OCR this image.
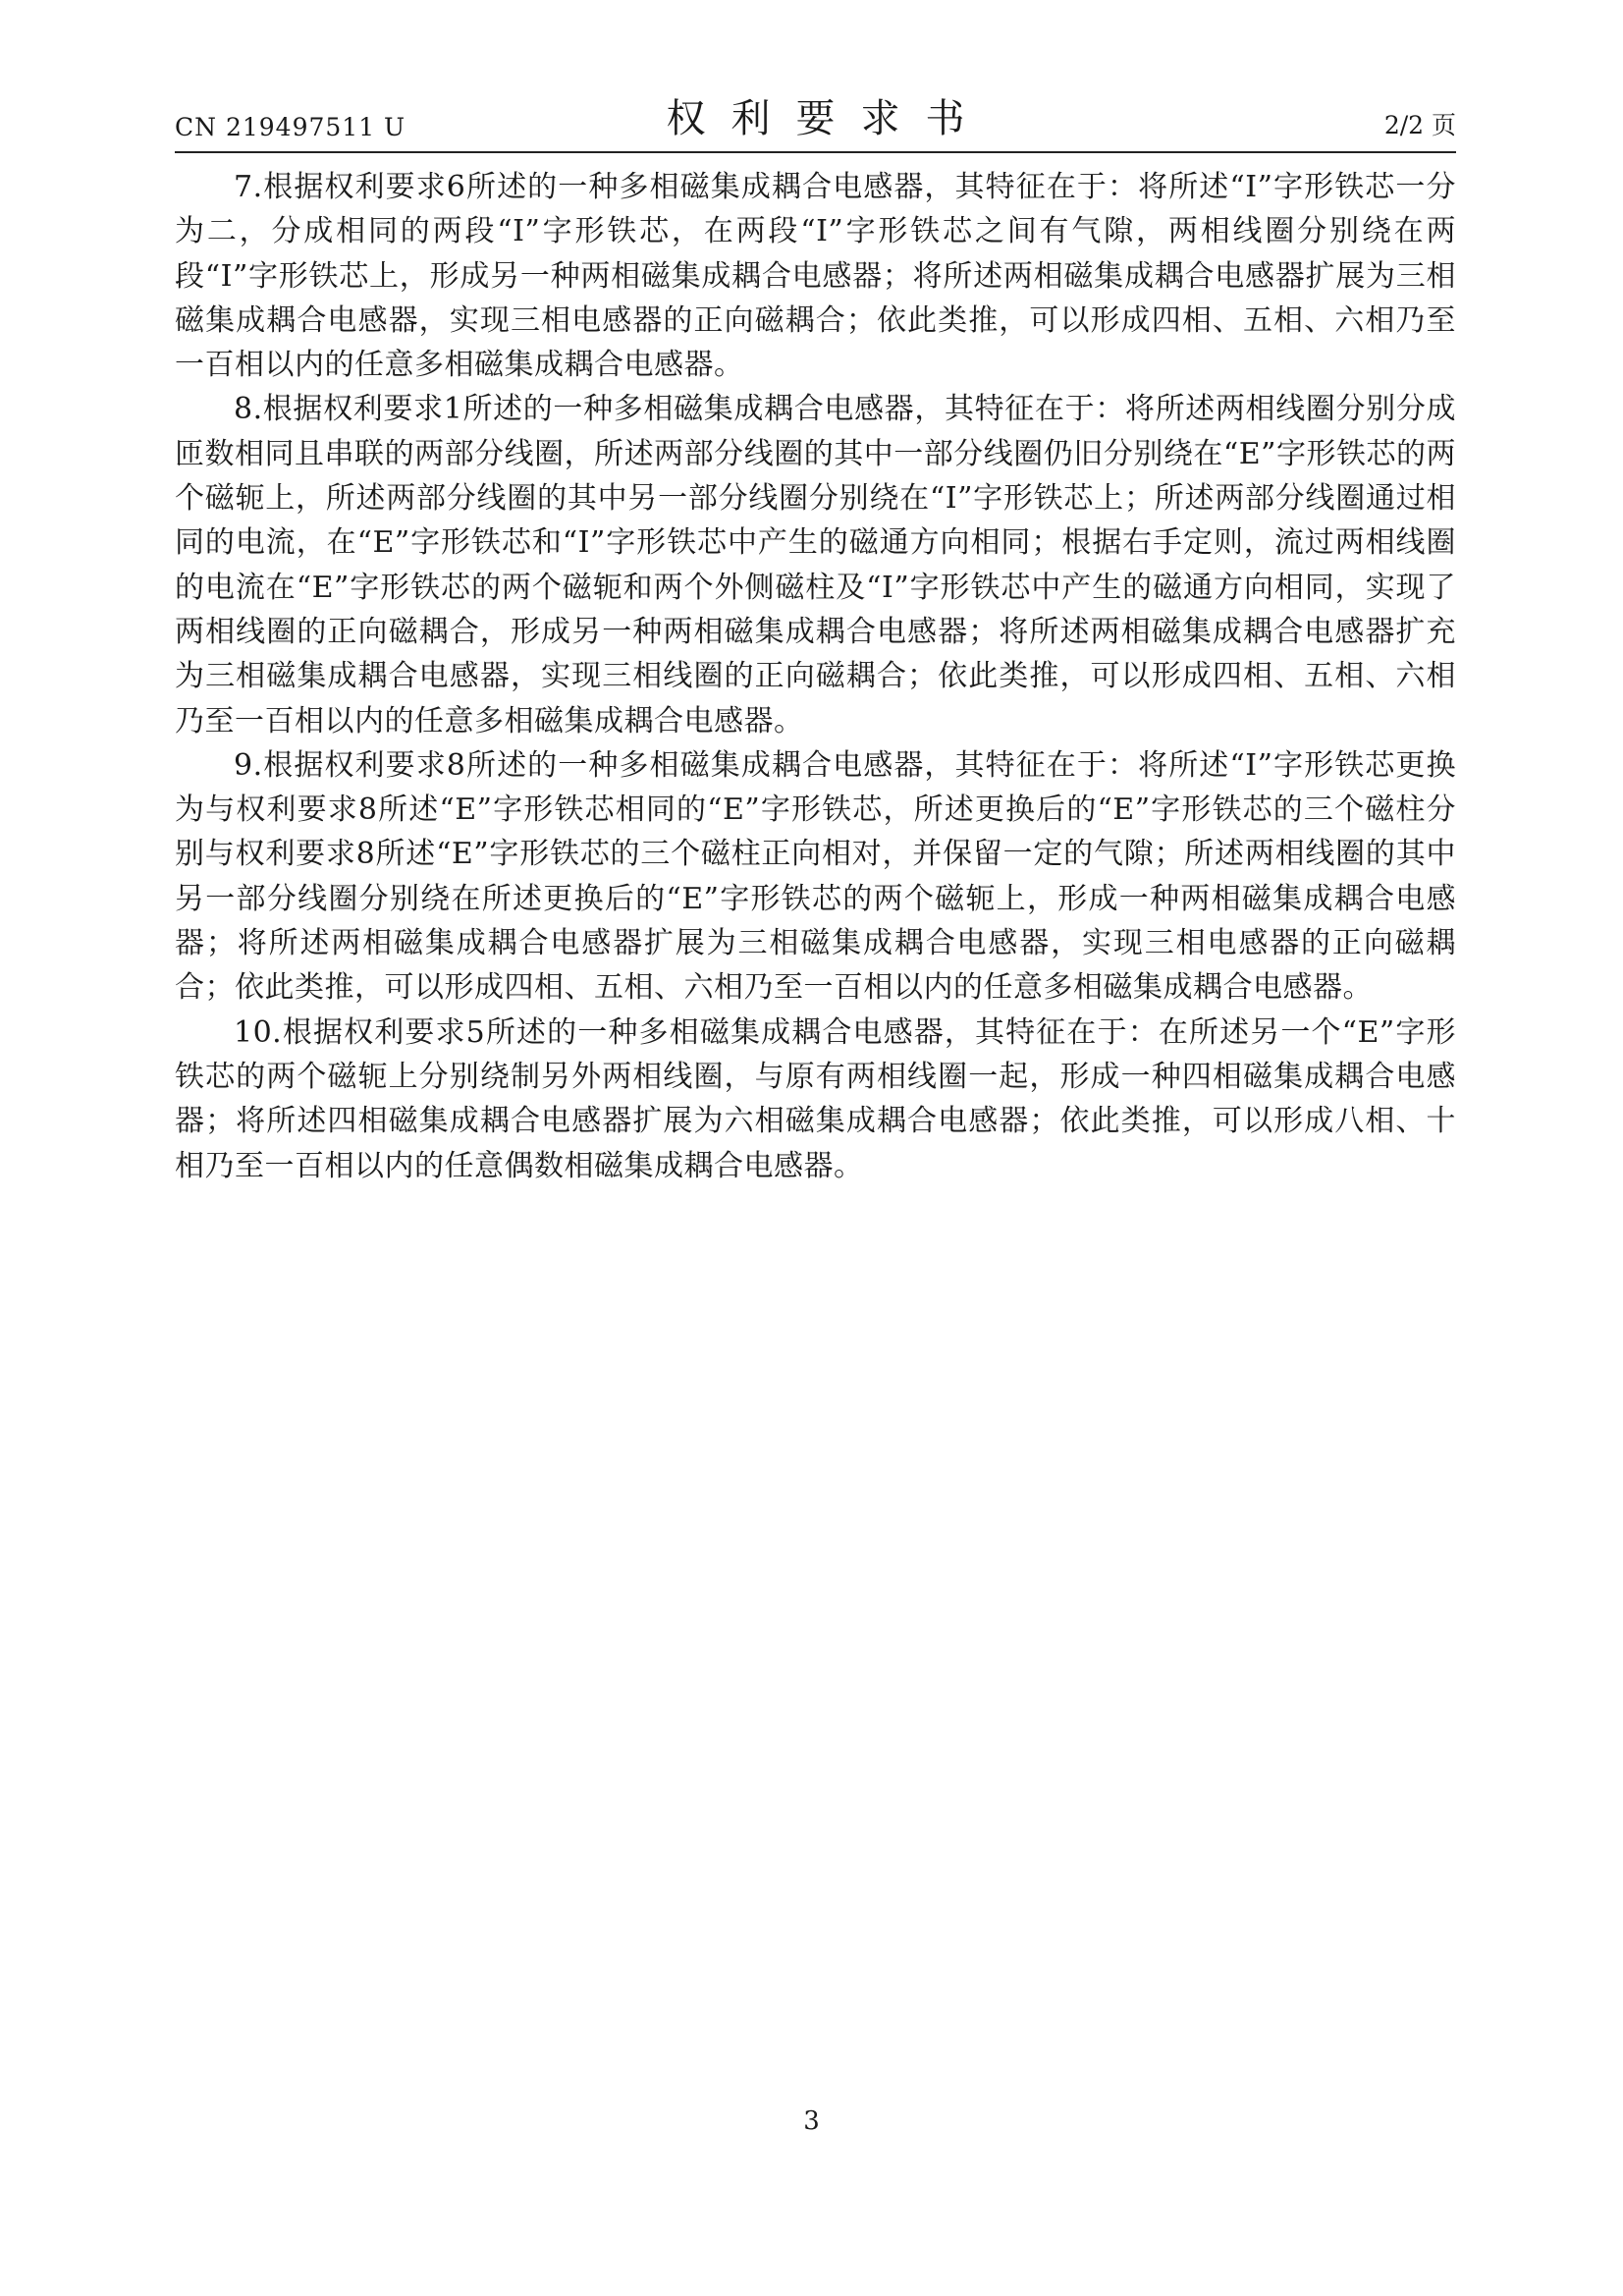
CN 219497511 U	权利要求书	2/2 页

7.根据权利要求6所述的一种多相磁集成耦合电感器，其特征在于：将所述“I”字形铁芯一分为二，分成相同的两段“I”字形铁芯，在两段“I”字形铁芯之间有气隙，两相线圈分别绕在两段“I”字形铁芯上，形成另一种两相磁集成耦合电感器；将所述两相磁集成耦合电感器扩展为三相磁集成耦合电感器，实现三相电感器的正向磁耦合；依此类推，可以形成四相、五相、六相乃至一百相以内的任意多相磁集成耦合电感器。

8.根据权利要求1所述的一种多相磁集成耦合电感器，其特征在于：将所述两相线圈分别分成匝数相同且串联的两部分线圈，所述两部分线圈的其中一部分线圈仍旧分别绕在“E”字形铁芯的两个磁轭上，所述两部分线圈的其中另一部分线圈分别绕在“I”字形铁芯上；所述两部分线圈通过相同的电流，在“E”字形铁芯和“I”字形铁芯中产生的磁通方向相同；根据右手定则，流过两相线圈的电流在“E”字形铁芯的两个磁轭和两个外侧磁柱及“I”字形铁芯中产生的磁通方向相同，实现了两相线圈的正向磁耦合，形成另一种两相磁集成耦合电感器；将所述两相磁集成耦合电感器扩充为三相磁集成耦合电感器，实现三相线圈的正向磁耦合；依此类推，可以形成四相、五相、六相乃至一百相以内的任意多相磁集成耦合电感器。

9.根据权利要求8所述的一种多相磁集成耦合电感器，其特征在于：将所述“I”字形铁芯更换为与权利要求8所述“E”字形铁芯相同的“E”字形铁芯，所述更换后的“E”字形铁芯的三个磁柱分别与权利要求8所述“E”字形铁芯的三个磁柱正向相对，并保留一定的气隙；所述两相线圈的其中另一部分线圈分别绕在所述更换后的“E”字形铁芯的两个磁轭上，形成一种两相磁集成耦合电感器；将所述两相磁集成耦合电感器扩展为三相磁集成耦合电感器，实现三相电感器的正向磁耦合；依此类推，可以形成四相、五相、六相乃至一百相以内的任意多相磁集成耦合电感器。

10.根据权利要求5所述的一种多相磁集成耦合电感器，其特征在于：在所述另一个“E”字形铁芯的两个磁轭上分别绕制另外两相线圈，与原有两相线圈一起，形成一种四相磁集成耦合电感器；将所述四相磁集成耦合电感器扩展为六相磁集成耦合电感器；依此类推，可以形成八相、十相乃至一百相以内的任意偶数相磁集成耦合电感器。

3
